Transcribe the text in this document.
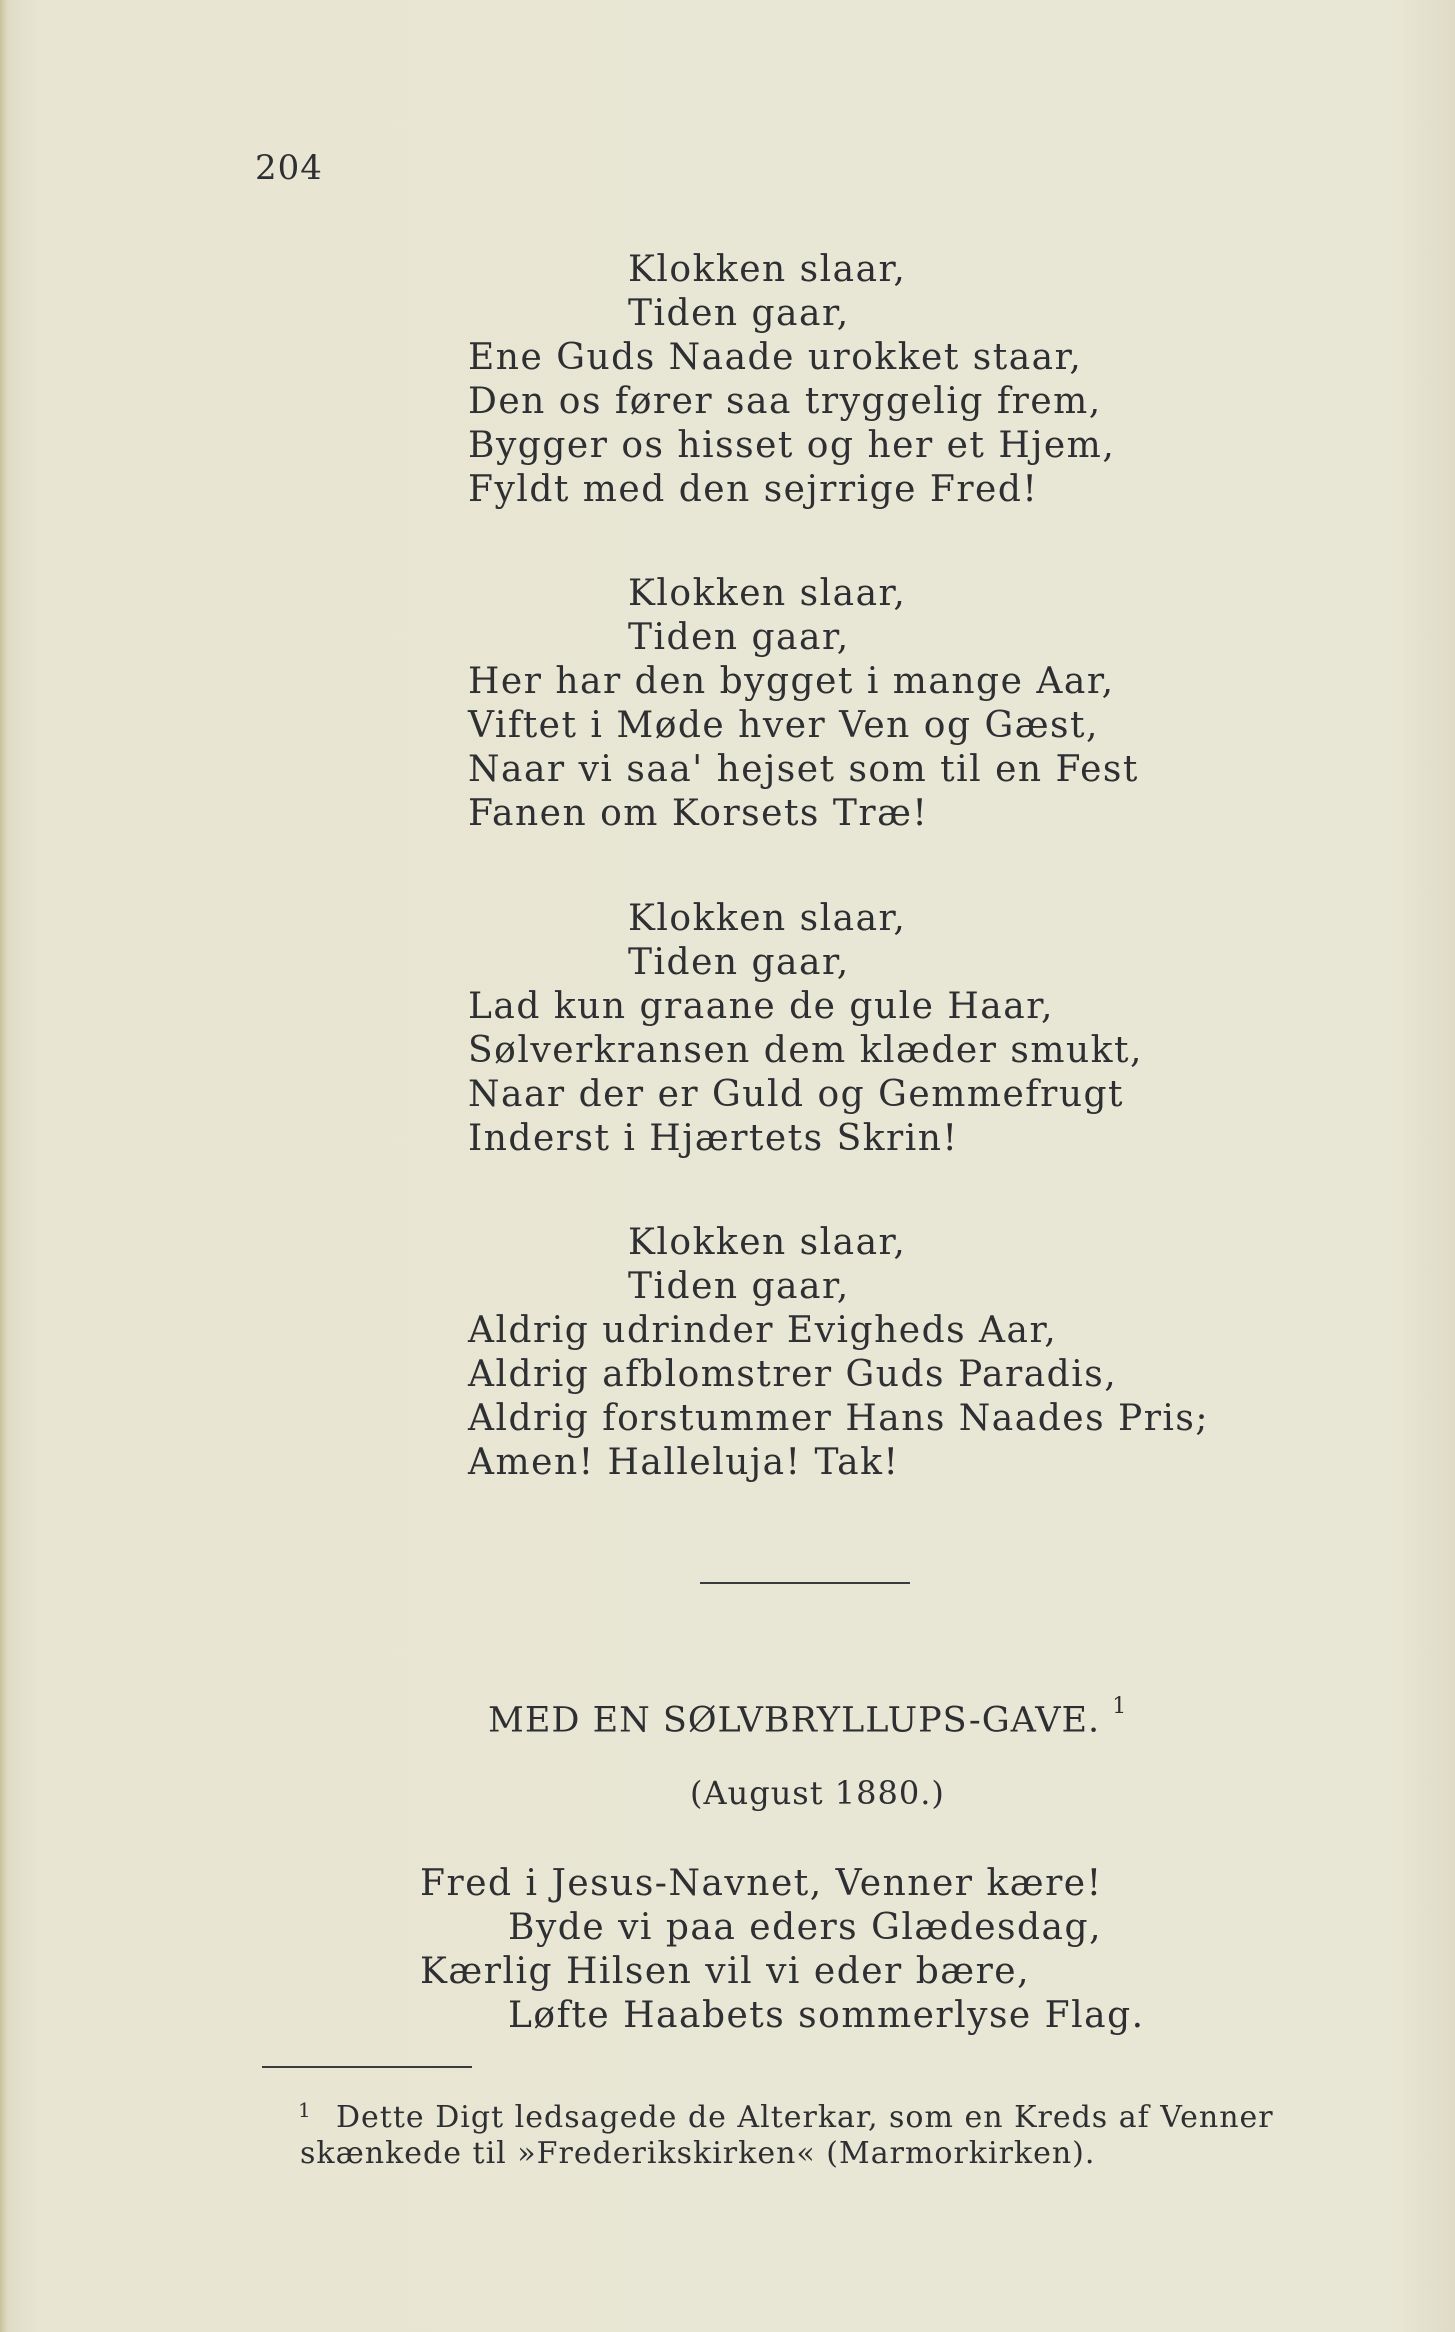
204
Klokken slaar,
Tiden gaar,
Ene Guds Naade urokket staar,
Den os fører saa tryggelig frem,
Bygger os hisset og her et Hjem,
Fyldt med den sejrrige Fred!
Klokken slaar,
Tiden gaar,
Her har den bygget i mange Aar,
Viftet i Møde hver Ven og Gæst,
Naar vi saa' hejset som til en Fest
Fanen om Korsets Træ!
Klokken slaar,
Tiden gaar,
Lad kun graane de gule Haar,
Sølverkransen dem klæder smukt,
Naar der er Guld og Gemmefrugt
Inderst i Hjærtets Skrin!
Klokken slaar,
Tiden gaar,
Aldrig udrinder Evigheds Aar,
Aldrig afblomstrer Guds Paradis,
Aldrig forstummer Hans Naades Pris;
Amen! Halleluja! Tak!
MED EN SØLVBRYLLUPS-GAVE. $^1$
(August 1880.)
Fred i Jesus-Navnet, Venner kære!
Byde vi paa eders Glædesdag,
Kærlig Hilsen vil vi eder bære,
Løfte Haabets sommerlyse Flag.
1 Dette Digt ledsagede de Alterkar, som en Kreds af Venner
skænkede til »Frederikskirken« (Marmorkirken).
